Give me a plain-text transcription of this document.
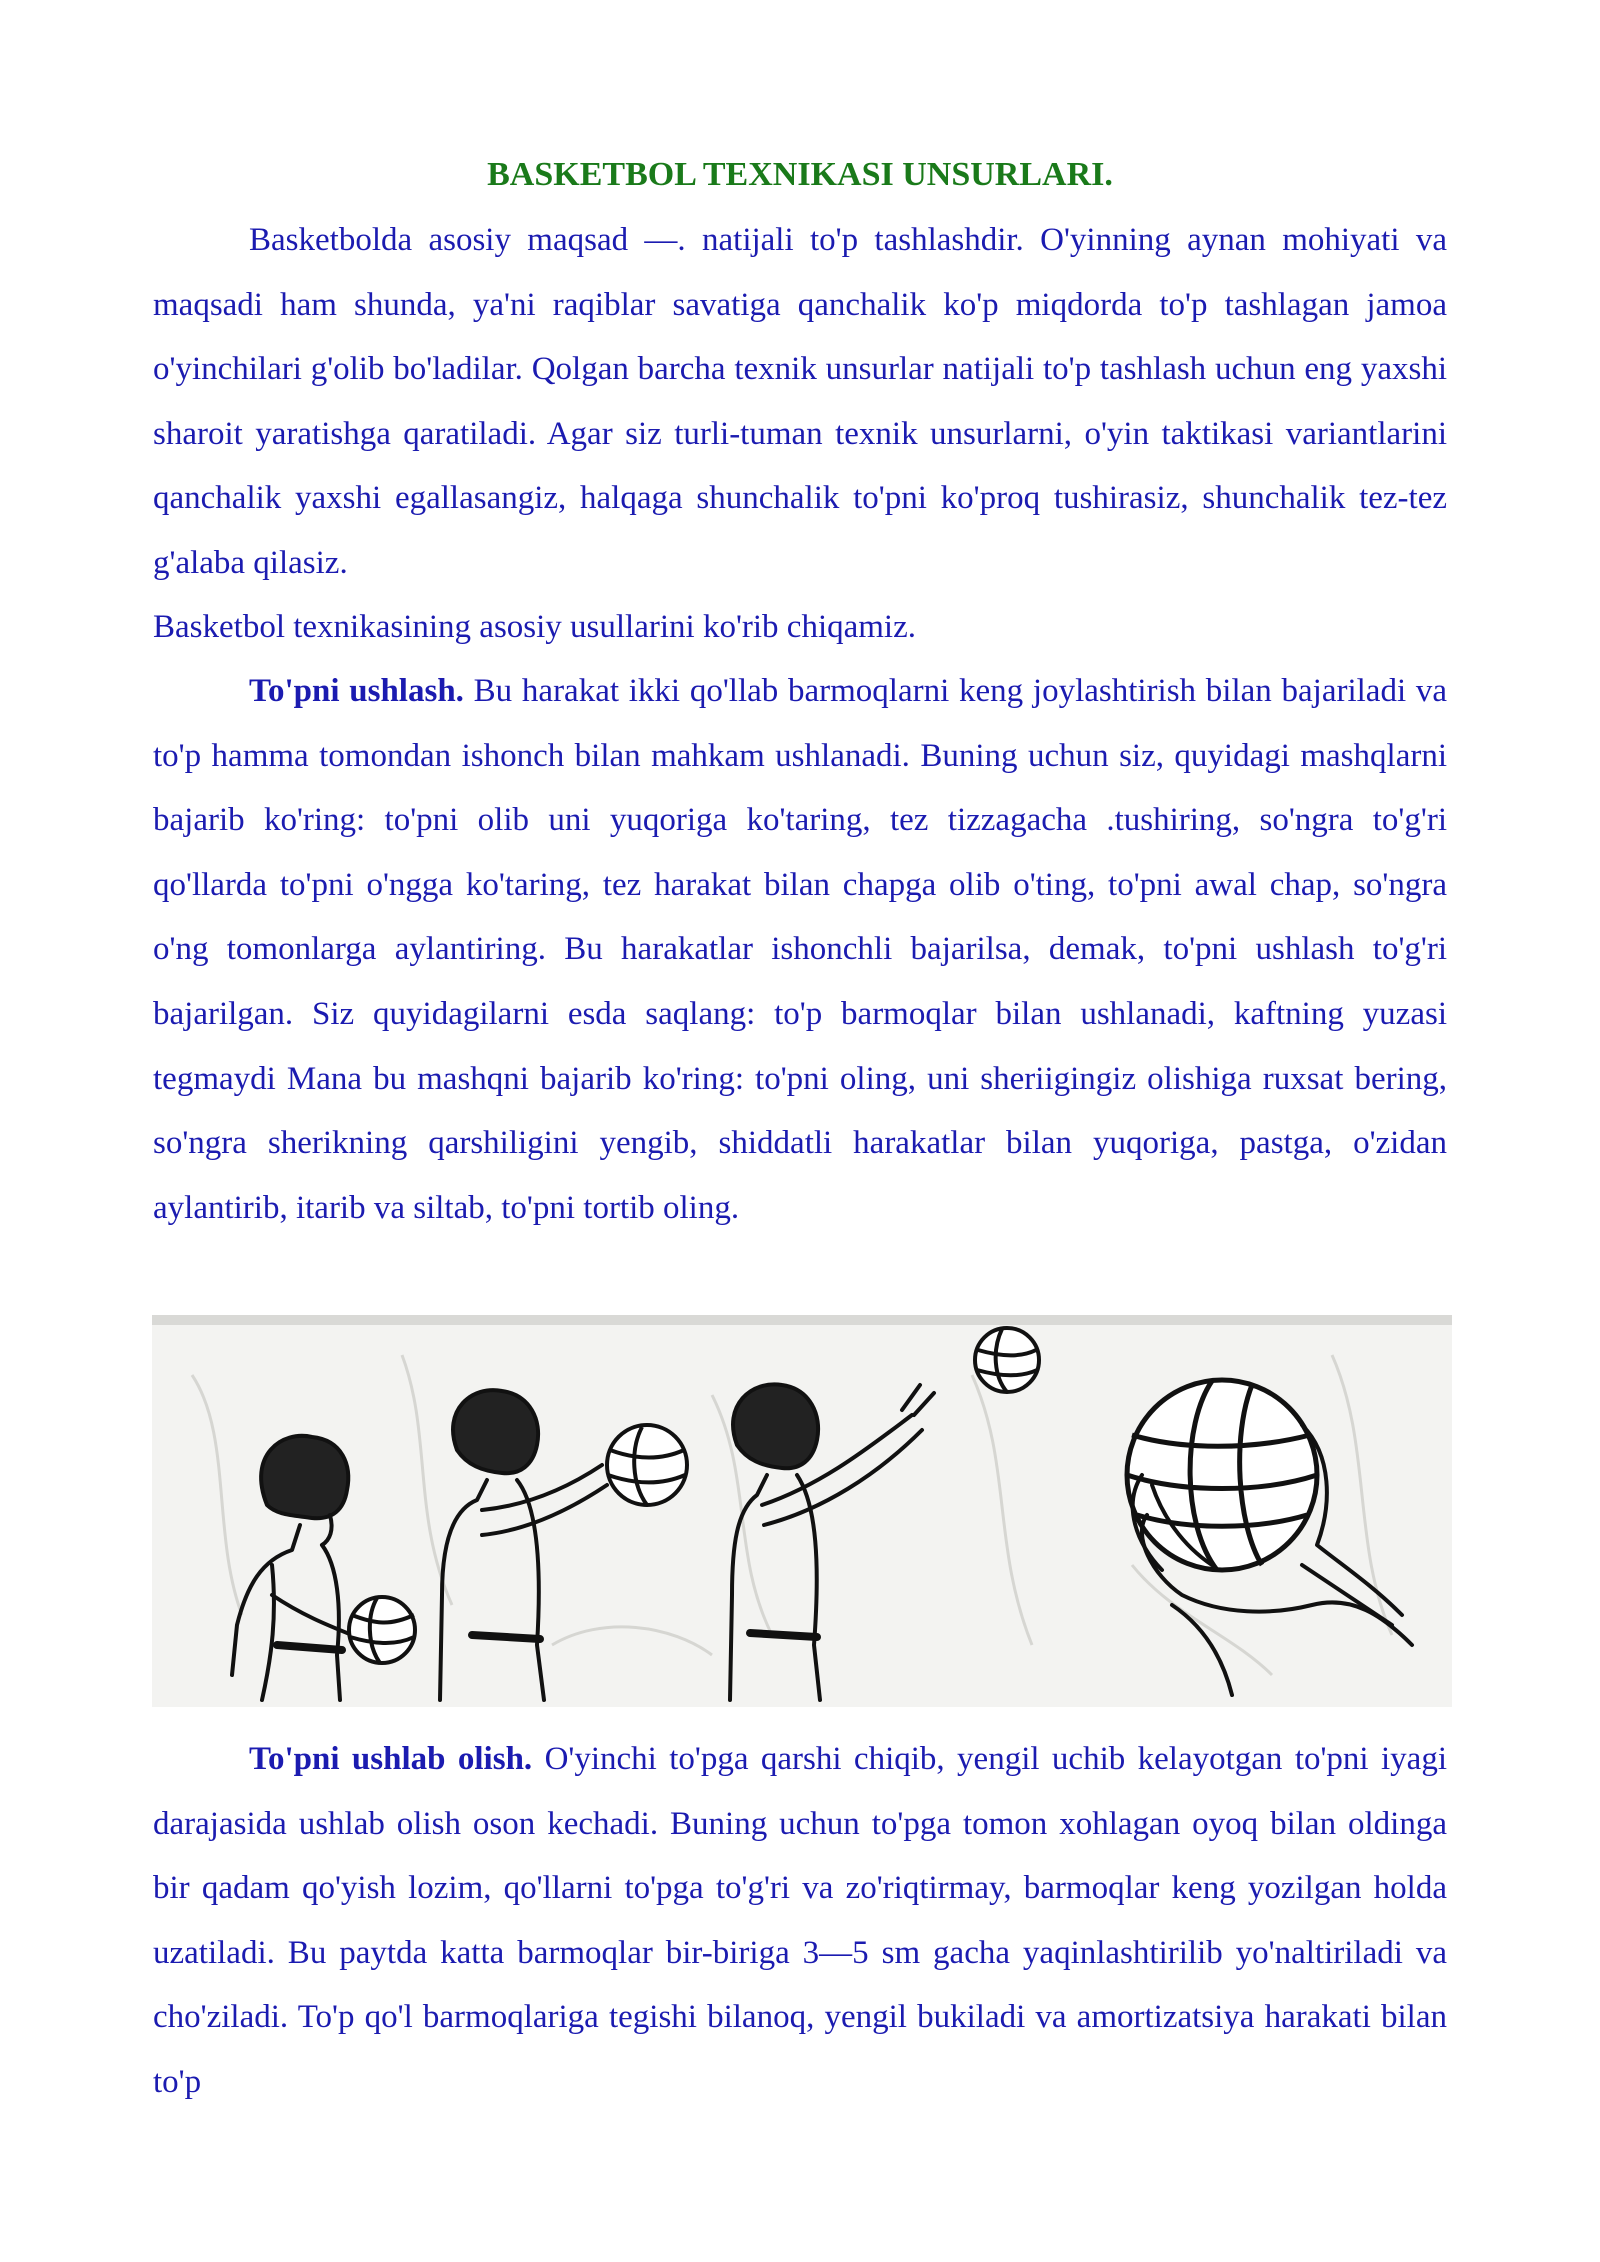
BASKETBOL TEXNIKASI UNSURLARI.

Basketbolda asosiy maqsad —. natijali to'p tashlashdir. O'yinning aynan mohiyati va maqsadi ham shunda, ya'ni raqiblar savatiga qanchalik ko'p miqdorda to'p tashlagan jamoa o'yinchilari g'olib bo'ladilar. Qolgan barcha texnik unsurlar natijali to'p tashlash uchun eng yaxshi sharoit yaratishga qaratiladi. Agar siz turli-tuman texnik unsurlarni, o'yin taktikasi variantlarini qanchalik yaxshi egallasangiz, halqaga shunchalik to'pni ko'proq tushirasiz, shunchalik tez-tez g'alaba qilasiz.

Basketbol texnikasining asosiy usullarini ko'rib chiqamiz.

To'pni ushlash. Bu harakat ikki qo'llab barmoqlarni keng joylashtirish bilan bajariladi va to'p hamma tomondan ishonch bilan mahkam ushlanadi. Buning uchun siz, quyidagi mashqlarni bajarib ko'ring: to'pni olib uni yuqoriga ko'taring, tez tizzagacha .tushiring, so'ngra to'g'ri qo'llarda to'pni o'ngga ko'taring, tez harakat bilan chapga olib o'ting, to'pni awal chap, so'ngra o'ng tomonlarga aylantiring. Bu harakatlar ishonchli bajarilsa, demak, to'pni ushlash to'g'ri bajarilgan. Siz quyidagilarni esda saqlang: to'p barmoqlar bilan ushlanadi, kaftning yuzasi tegmaydi Mana bu mashqni bajarib ko'ring: to'pni oling, uni sheriigingiz olishiga ruxsat bering, so'ngra sherikning qarshiligini yengib, shiddatli harakatlar bilan yuqoriga, pastga, o'zidan aylantirib, itarib va siltab, to'pni tortib oling.

To'pni ushlab olish. O'yinchi to'pga qarshi chiqib, yengil uchib kelayotgan to'pni iyagi darajasida ushlab olish oson kechadi. Buning uchun to'pga tomon xohlagan oyoq bilan oldinga bir qadam qo'yish lozim, qo'llarni to'pga to'g'ri va zo'riqtirmay, barmoqlar keng yozilgan holda uzatiladi. Bu paytda katta barmoqlar bir-biriga 3—5 sm gacha yaqinlashtirilib yo'naltiriladi va cho'ziladi. To'p qo'l barmoqlariga tegishi bilanoq, yengil bukiladi va amortizatsiya harakati bilan to'p
